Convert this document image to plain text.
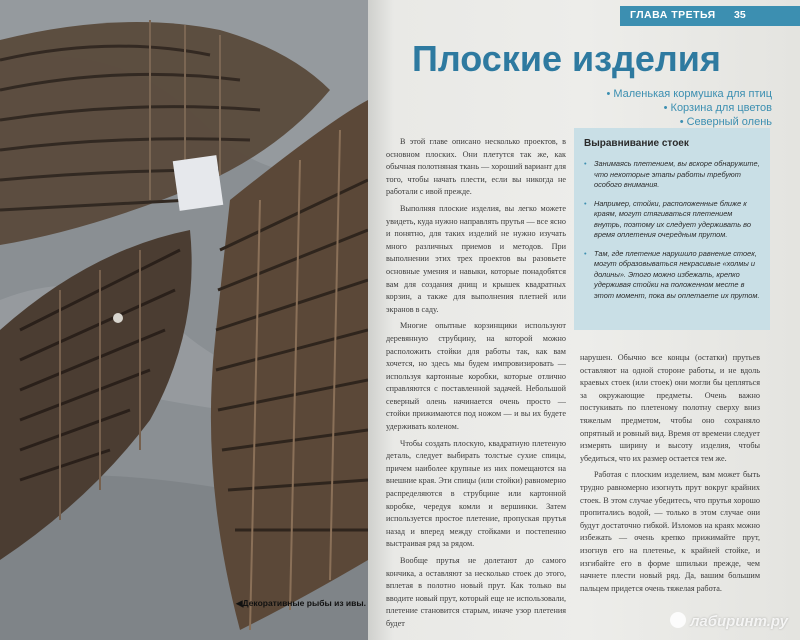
◀Декоративные рыбы из ивы.
ГЛАВА ТРЕТЬЯ 35
Плоские изделия
• Маленькая кормушка для птиц
• Корзина для цветов
• Северный олень

В этой главе описано несколько проектов, в основном плоских. Они плетутся так же, как обычная полотняная ткань — хороший вариант для того, чтобы начать плести, если вы никогда не работали с ивой прежде.

Выполняя плоские изделия, вы легко можете увидеть, куда нужно направлять прутья — все ясно и понятно, для таких изделий не нужно изучать много различных приемов и методов. При выполнении этих трех проектов вы разовьете основные умения и навыки, которые понадобятся вам для создания днищ и крышек квадратных корзин, а также для выполнения плетней или экранов в саду.

Многие опытные корзинщики используют деревянную струбцину, на которой можно расположить стойки для работы так, как вам хочется, но здесь мы будем импровизировать — используя картонные коробки, которые отлично справляются с поставленной задачей. Небольшой северный олень начинается очень просто — стойки прижимаются под ножом — и вы их будете удерживать коленом.

Чтобы создать плоскую, квадратную плетеную деталь, следует выбирать толстые сухие спицы, причем наиболее крупные из них помещаются на внешние края. Эти спицы (или стойки) равномерно распределяются в струбцине или картонной коробке, чередуя комли и вершинки. Затем используется простое плетение, пропуская прутья назад и вперед между стойками и постепенно выстраивая ряд за рядом.

Вообще прутья не долетают до самого кончика, а оставляют за несколько стоек до этого, вплетая в полотно новый прут. Как только вы вводите новый прут, который еще не использовали, плетение становится старым, иначе узор плетения будет

Выравнивание стоек
• Занимаясь плетением, вы вскоре обнаружите, что некоторые этапы работы требуют особого внимания.
• Например, стойки, расположенные ближе к краям, могут стягиваться плетением внутрь, поэтому их следует удерживать во время оплетения очередным прутом.
• Там, где плетение нарушило равнение стоек, могут образовываться некрасивые «холмы и долины». Этого можно избежать, крепко удерживая стойки на положенном месте в этот момент, пока вы оплетаете их прутом.

нарушен. Обычно все концы (остатки) прутьев оставляют на одной стороне работы, и не вдоль краевых стоек (или стоек) они могли бы цепляться за окружающие предметы. Очень важно постукивать по плетеному полотну сверху вниз тяжелым предметом, чтобы оно сохраняло опрятный и ровный вид. Время от времени следует измерять ширину и высоту изделия, чтобы убедиться, что их размер остается тем же.

Работая с плоским изделием, вам может быть трудно равномерно изогнуть прут вокруг крайних стоек. В этом случае убедитесь, что прутья хорошо пропитались водой, — только в этом случае они будут достаточно гибкой. Изломов на краях можно избежать — очень крепко прижимайте прут, изогнув его на плетенье, к крайней стойке, и изгибайте его в форме шпильки прежде, чем начнете плести новый ряд. Да, вашим большим пальцем придется очень тяжелая работа.

лабиринт.ру
